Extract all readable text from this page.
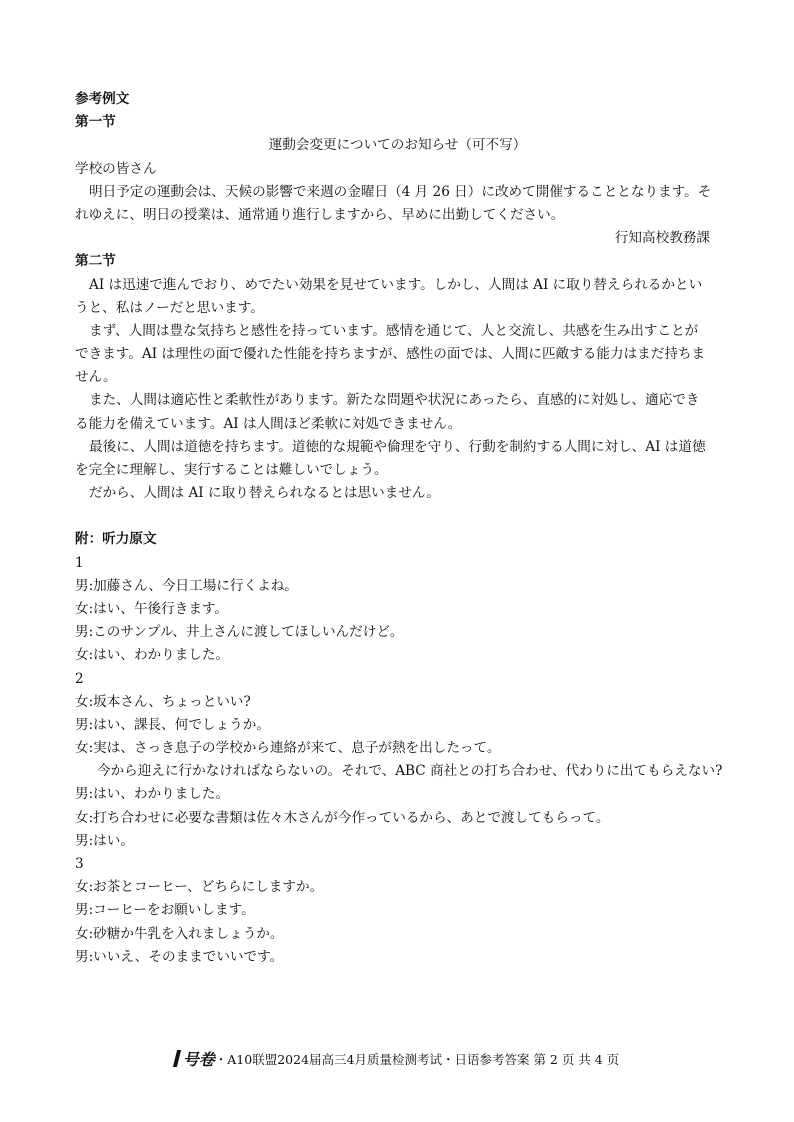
参考例文
第一节
運動会変更についてのお知らせ（可不写）
学校の皆さん
明日予定の運動会は、天候の影響で来週の金曜日（4 月 26 日）に改めて開催することとなります。そ
れゆえに、明日の授業は、通常通り進行しますから、早めに出勤してください。
行知高校教務課
第二节
AI は迅速で進んでおり、めでたい効果を見せています。しかし、人間は AI に取り替えられるかとい
うと、私はノーだと思います。
まず、人間は豊な気持ちと感性を持っています。感情を通じて、人と交流し、共感を生み出すことが
できます。AI は理性の面で優れた性能を持ちますが、感性の面では、人間に匹敵する能力はまだ持ちま
せん。
また、人間は適応性と柔軟性があります。新たな問題や状況にあったら、直感的に対処し、適応でき
る能力を備えています。AI は人間ほど柔軟に対処できません。
最後に、人間は道徳を持ちます。道徳的な規範や倫理を守り、行動を制約する人間に対し、AI は道徳
を完全に理解し、実行することは難しいでしょう。
だから、人間は AI に取り替えられなるとは思いません。
附：听力原文
1
男:加藤さん、今日工場に行くよね。
女:はい、午後行きます。
男:このサンプル、井上さんに渡してほしいんだけど。
女:はい、わかりました。
2
女:坂本さん、ちょっといい?
男:はい、課長、何でしょうか。
女:実は、さっき息子の学校から連絡が来て、息子が熱を出したって。
今から迎えに行かなければならないの。それで、ABC 商社との打ち合わせ、代わりに出てもらえない?
男:はい、わかりました。
女:打ち合わせに必要な書類は佐々木さんが今作っているから、あとで渡してもらって。
男:はい。
3
女:お茶とコーヒー、どちらにしますか。
男:コーヒーをお願いします。
女:砂糖か牛乳を入れましょうか。
男:いいえ、そのままでいいです。
号卷・A10联盟2024届高三4月质量检测考试・日语参考答案 第 2 页 共 4 页
